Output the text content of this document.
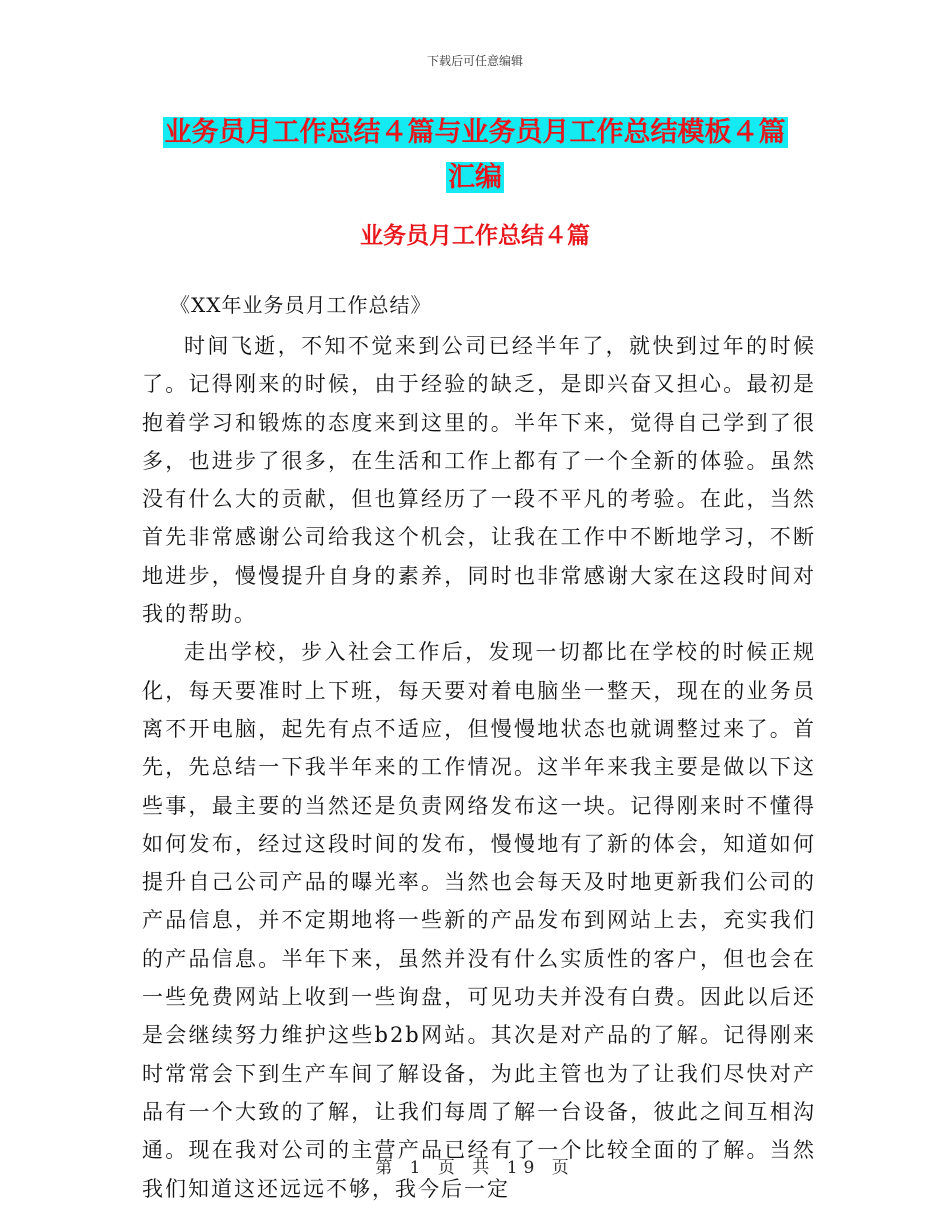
下载后可任意编辑
业务员月工作总结４篇与业务员月工作总结模板４篇
汇编
业务员月工作总结４篇
《XX年业务员月工作总结》

时间飞逝，不知不觉来到公司已经半年了，就快到过年的时候了。记得刚来的时候，由于经验的缺乏，是即兴奋又担心。最初是抱着学习和锻炼的态度来到这里的。半年下来，觉得自己学到了很多，也进步了很多，在生活和工作上都有了一个全新的体验。虽然没有什么大的贡献，但也算经历了一段不平凡的考验。在此，当然首先非常感谢公司给我这个机会，让我在工作中不断地学习，不断地进步，慢慢提升自身的素养，同时也非常感谢大家在这段时间对我的帮助。

走出学校，步入社会工作后，发现一切都比在学校的时候正规化，每天要准时上下班，每天要对着电脑坐一整天，现在的业务员离不开电脑，起先有点不适应，但慢慢地状态也就调整过来了。首先，先总结一下我半年来的工作情况。这半年来我主要是做以下这些事，最主要的当然还是负责网络发布这一块。记得刚来时不懂得如何发布，经过这段时间的发布，慢慢地有了新的体会，知道如何提升自己公司产品的曝光率。当然也会每天及时地更新我们公司的产品信息，并不定期地将一些新的产品发布到网站上去，充实我们的产品信息。半年下来，虽然并没有什么实质性的客户，但也会在一些免费网站上收到一些询盘，可见功夫并没有白费。因此以后还是会继续努力维护这些b2b网站。其次是对产品的了解。记得刚来时常常会下到生产车间了解设备，为此主管也为了让我们尽快对产品有一个大致的了解，让我们每周了解一台设备，彼此之间互相沟通。现在我对公司的主营产品已经有了一个比较全面的了解。当然我们知道这还远远不够，我今后一定

第 1 页 共 19 页
